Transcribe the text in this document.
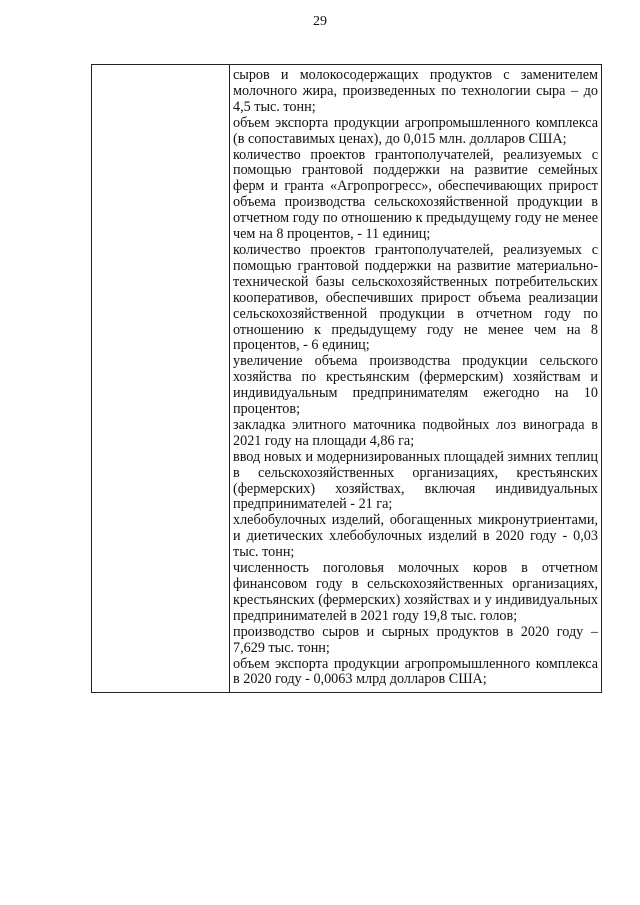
29

сыров и молокосодержащих продуктов с заменителем молочного жира, произведенных по технологии сыра – до 4,5 тыс. тонн;

объем экспорта продукции агропромышленного комплекса (в сопоставимых ценах), до 0,015 млн. долларов США;

количество проектов грантополучателей, реализуемых с помощью грантовой поддержки на развитие семейных ферм и гранта «Агропрогресс», обеспечивающих прирост объема производства сельскохозяйственной продукции в отчетном году по отношению к предыдущему году не менее чем на 8 процентов, - 11 единиц;

количество проектов грантополучателей, реализуемых с помощью грантовой поддержки на развитие материально-технической базы сельскохозяйственных потребительских кооперативов, обеспечивших прирост объема реализации сельскохозяйственной продукции в отчетном году по отношению к предыдущему году не менее чем на 8 процентов, - 6 единиц;

увеличение объема производства продукции сельского хозяйства по крестьянским (фермерским) хозяйствам и индивидуальным предпринимателям ежегодно на 10 процентов;

закладка элитного маточника подвойных лоз винограда в 2021 году на площади 4,86 га;

ввод новых и модернизированных площадей зимних теплиц в сельскохозяйственных организациях, крестьянских (фермерских) хозяйствах, включая индивидуальных предпринимателей - 21 га;

хлебобулочных изделий, обогащенных микронутриентами, и диетических хлебобулочных изделий в 2020 году - 0,03 тыс. тонн;

численность поголовья молочных коров в отчетном финансовом году в сельскохозяйственных организациях, крестьянских (фермерских) хозяйствах и у индивидуальных предпринимателей в 2021 году 19,8 тыс. голов;

производство сыров и сырных продуктов в 2020 году – 7,629 тыс. тонн;

объем экспорта продукции агропромышленного комплекса в 2020 году - 0,0063 млрд долларов США;
